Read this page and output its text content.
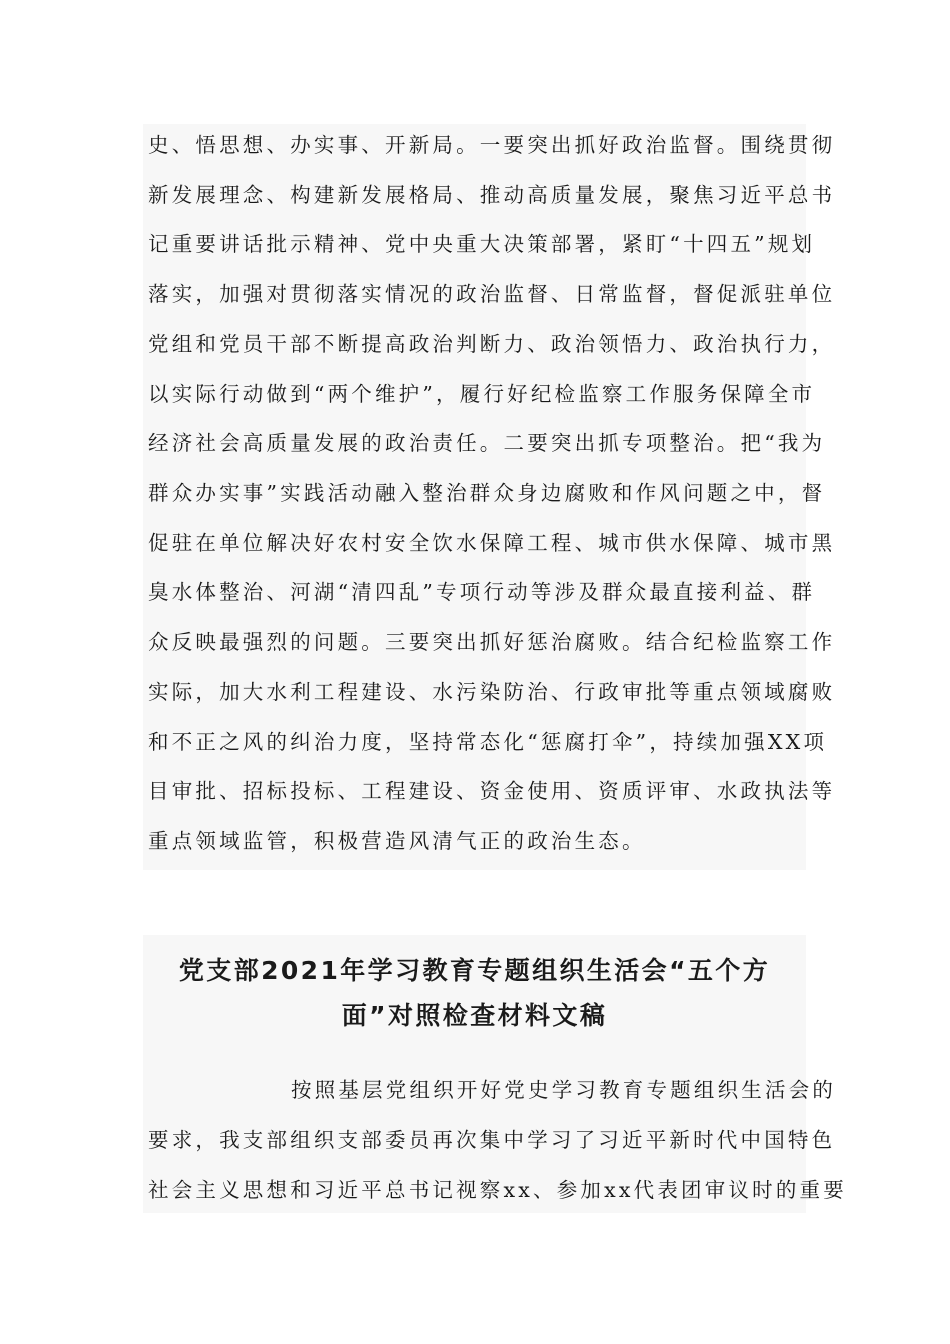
史、悟思想、办实事、开新局。一要突出抓好政治监督。围绕贯彻
新发展理念、构建新发展格局、推动高质量发展，聚焦习近平总书
记重要讲话批示精神、党中央重大决策部署，紧盯“十四五”规划
落实，加强对贯彻落实情况的政治监督、日常监督，督促派驻单位
党组和党员干部不断提高政治判断力、政治领悟力、政治执行力，
以实际行动做到“两个维护”，履行好纪检监察工作服务保障全市
经济社会高质量发展的政治责任。二要突出抓专项整治。把“我为
群众办实事”实践活动融入整治群众身边腐败和作风问题之中，督
促驻在单位解决好农村安全饮水保障工程、城市供水保障、城市黑
臭水体整治、河湖“清四乱”专项行动等涉及群众最直接利益、群
众反映最强烈的问题。三要突出抓好惩治腐败。结合纪检监察工作
实际，加大水利工程建设、水污染防治、行政审批等重点领域腐败
和不正之风的纠治力度，坚持常态化“惩腐打伞”，持续加强XX项
目审批、招标投标、工程建设、资金使用、资质评审、水政执法等
重点领域监管，积极营造风清气正的政治生态。
党支部2021年学习教育专题组织生活会“五个方
面”对照检查材料文稿
按照基层党组织开好党史学习教育专题组织生活会的
要求，我支部组织支部委员再次集中学习了习近平新时代中国特色
社会主义思想和习近平总书记视察xx、参加xx代表团审议时的重要
